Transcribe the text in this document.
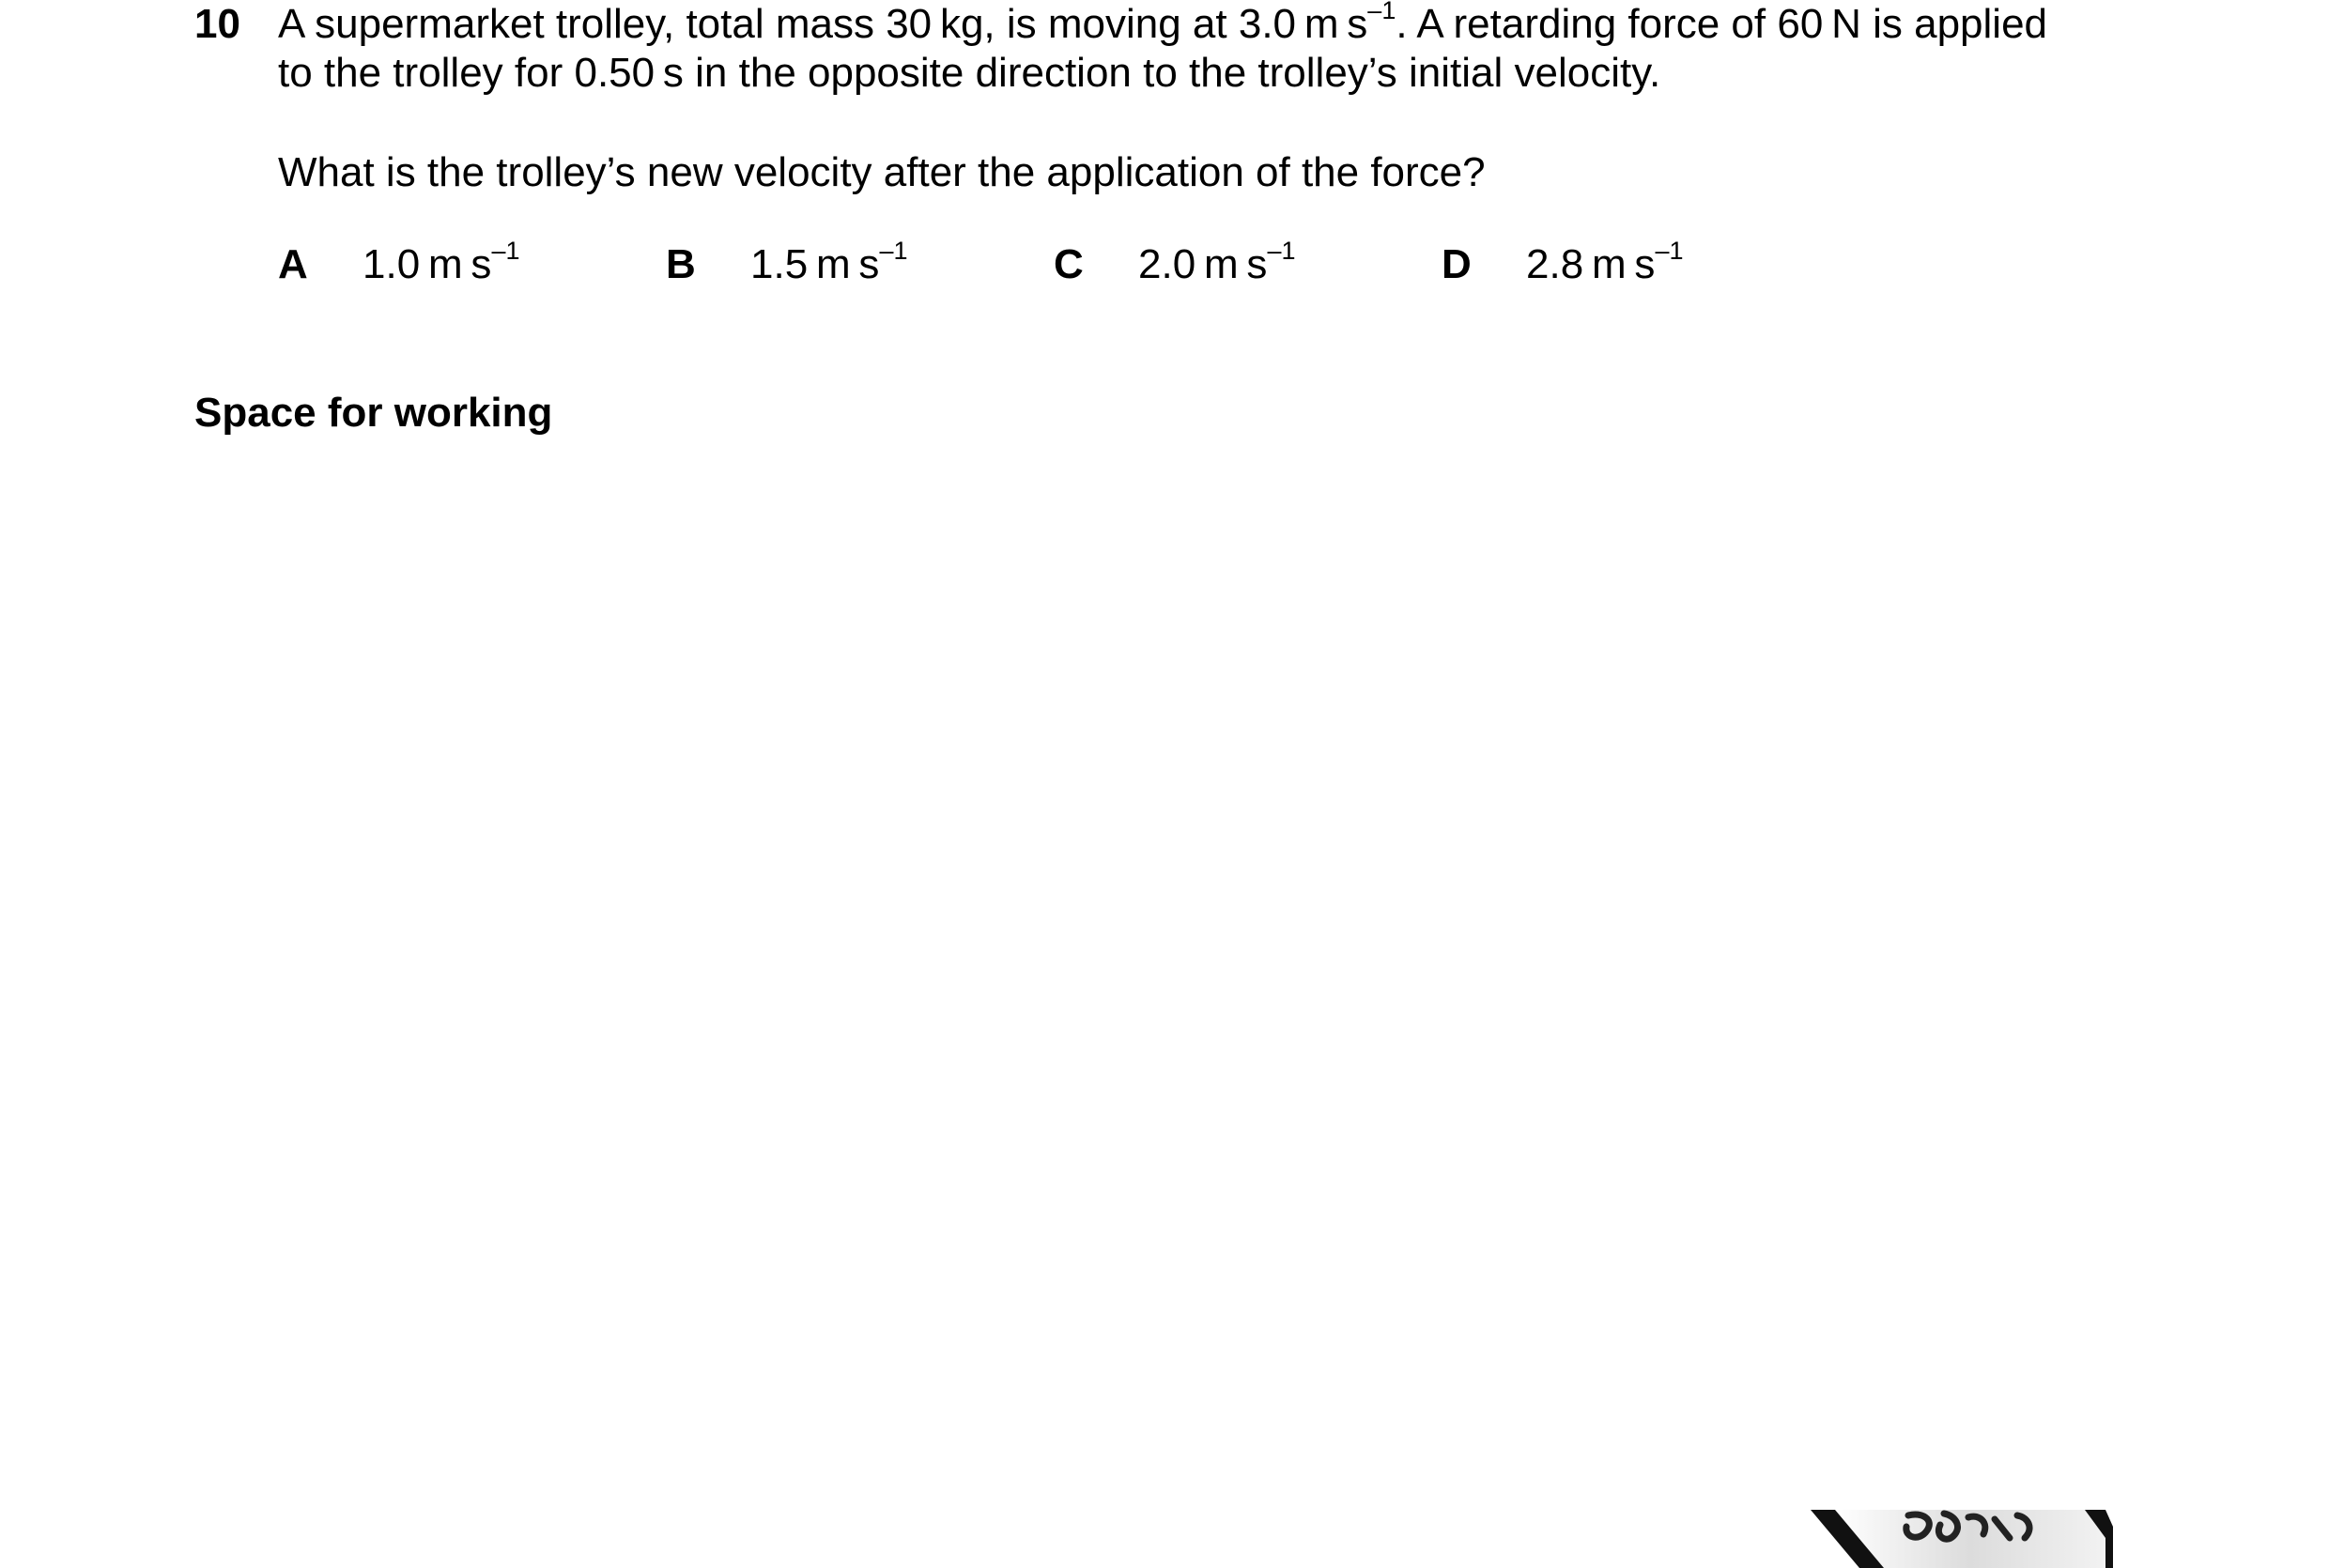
10 A supermarket trolley, total mass 30 kg, is moving at 3.0 m $s^{-1}$. A retarding force of 60 N is applied
to the trolley for 0.50 s in the opposite direction to the trolley’s initial velocity.
What is the trolley’s new velocity after the application of the force?
A 1.0 m $s^{-1}$	B 1.5 m $s^{-1}$	C 2.0 m $s^{-1}$	D 2.8 m $s^{-1}$
Space for working
